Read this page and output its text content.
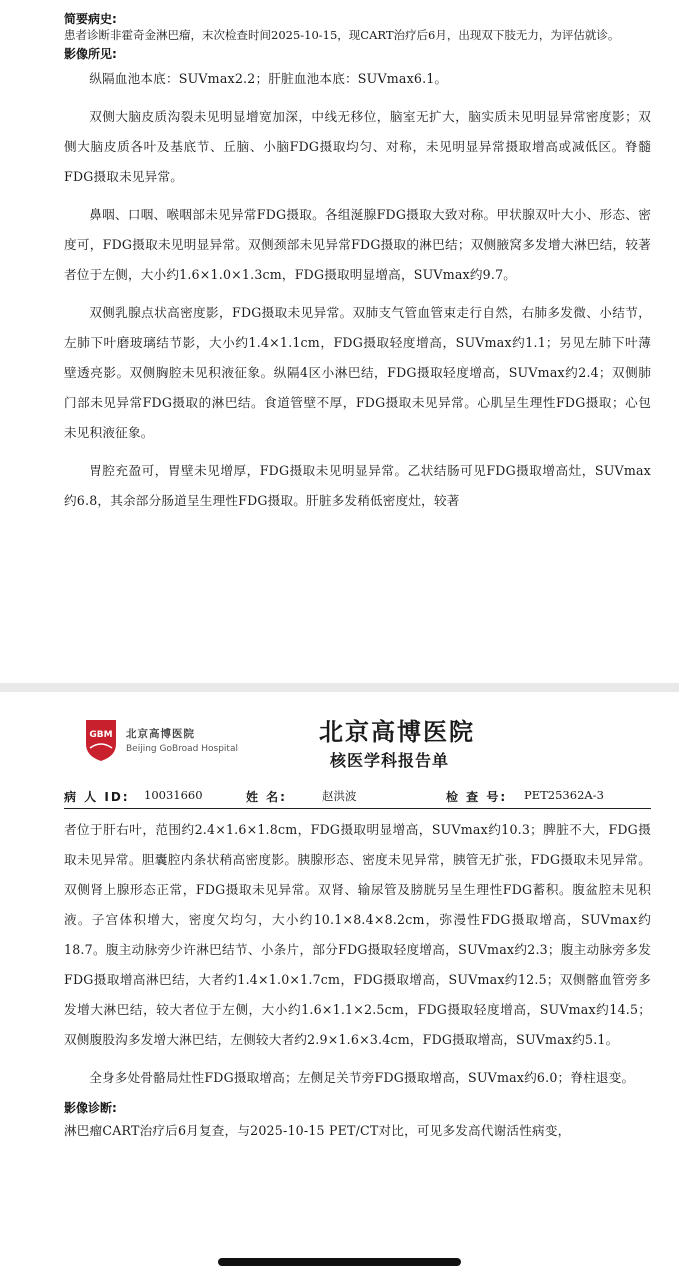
简要病史:

患者诊断非霍奇金淋巴瘤，末次检查时间2025-10-15，现CART治疗后6月，出现双下肢无力，为评估就诊。

影像所见:

纵隔血池本底：SUVmax2.2；肝脏血池本底：SUVmax6.1。

双侧大脑皮质沟裂未见明显增宽加深，中线无移位，脑室无扩大，脑实质未见明显异常密度影；双侧大脑皮质各叶及基底节、丘脑、小脑FDG摄取均匀、对称，未见明显异常摄取增高或减低区。脊髓FDG摄取未见异常。

鼻咽、口咽、喉咽部未见异常FDG摄取。各组涎腺FDG摄取大致对称。甲状腺双叶大小、形态、密度可，FDG摄取未见明显异常。双侧颈部未见异常FDG摄取的淋巴结；双侧腋窝多发增大淋巴结，较著者位于左侧，大小约1.6×1.0×1.3cm，FDG摄取明显增高，SUVmax约9.7。

双侧乳腺点状高密度影，FDG摄取未见异常。双肺支气管血管束走行自然，右肺多发微、小结节，左肺下叶磨玻璃结节影，大小约1.4×1.1cm，FDG摄取轻度增高，SUVmax约1.1；另见左肺下叶薄壁透亮影。双侧胸腔未见积液征象。纵隔4区小淋巴结，FDG摄取轻度增高，SUVmax约2.4；双侧肺门部未见异常FDG摄取的淋巴结。食道管壁不厚，FDG摄取未见异常。心肌呈生理性FDG摄取；心包未见积液征象。

胃腔充盈可，胃壁未见增厚，FDG摄取未见明显异常。乙状结肠可见FDG摄取增高灶，SUVmax约6.8，其余部分肠道呈生理性FDG摄取。肝脏多发稍低密度灶，较著

GBM 北京高博医院
Beijing GoBroad Hospital
北京高博医院
核医学科报告单
病 人 ID: 10031660	姓 名:	赵洪波	检 查 号: PET25362A-3

者位于肝右叶，范围约2.4×1.6×1.8cm，FDG摄取明显增高，SUVmax约10.3；脾脏不大，FDG摄取未见异常。胆囊腔内条状稍高密度影。胰腺形态、密度未见异常，胰管无扩张，FDG摄取未见异常。双侧肾上腺形态正常，FDG摄取未见异常。双肾、输尿管及膀胱另呈生理性FDG蓄积。腹盆腔未见积液。子宫体积增大，密度欠均匀，大小约10.1×8.4×8.2cm，弥漫性FDG摄取增高，SUVmax约18.7。腹主动脉旁少许淋巴结节、小条片，部分FDG摄取轻度增高，SUVmax约2.3；腹主动脉旁多发FDG摄取增高淋巴结，大者约1.4×1.0×1.7cm，FDG摄取增高，SUVmax约12.5；双侧髂血管旁多发增大淋巴结，较大者位于左侧，大小约1.6×1.1×2.5cm，FDG摄取轻度增高，SUVmax约14.5；双侧腹股沟多发增大淋巴结，左侧较大者约2.9×1.6×3.4cm，FDG摄取增高，SUVmax约5.1。

全身多处骨骼局灶性FDG摄取增高；左侧足关节旁FDG摄取增高，SUVmax约6.0；脊柱退变。

影像诊断:

淋巴瘤CART治疗后6月复查，与2025-10-15 PET/CT对比，可见多发高代谢活性病变，
